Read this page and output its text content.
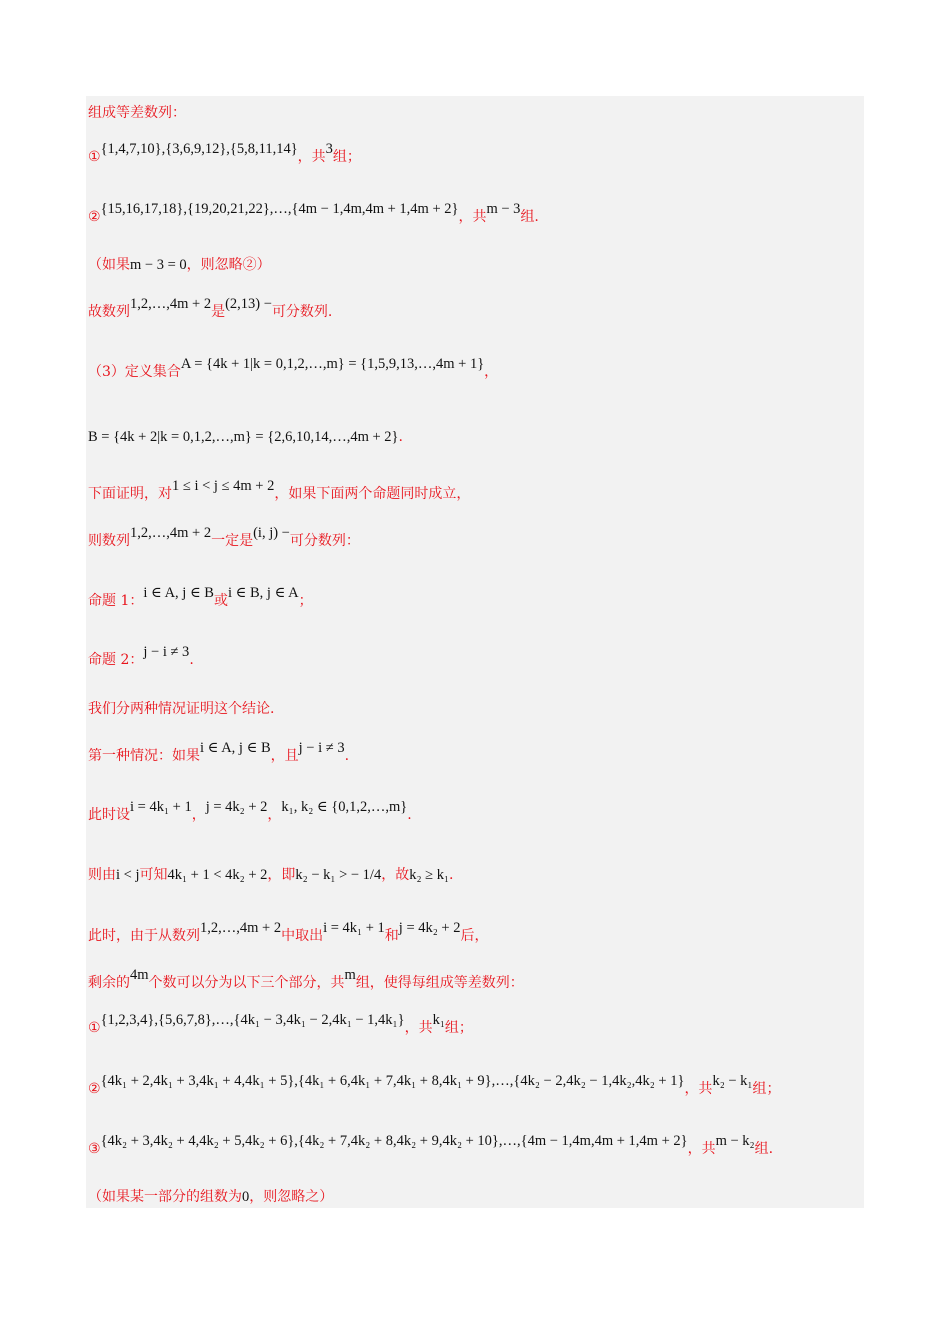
组成等差数列：
①{1,4,7,10},{3,6,9,12},{5,8,11,14}，共3组；
②{15,16,17,18},{19,20,21,22},…,{4m − 1,4m,4m + 1,4m + 2}，共m − 3组.
（如果m − 3 = 0，则忽略②）
故数列1,2,…,4m + 2是(2,13) −可分数列.
（3）定义集合A = {4k + 1|k = 0,1,2,…,m} = {1,5,9,13,…,4m + 1}，
B = {4k + 2|k = 0,1,2,…,m} = {2,6,10,14,…,4m + 2}.
下面证明，对1 ≤ i < j ≤ 4m + 2，如果下面两个命题同时成立，
则数列1,2,…,4m + 2一定是(i, j) −可分数列：
命题 1：i ∈ A, j ∈ B或i ∈ B, j ∈ A；
命题 2：j − i ≠ 3.
我们分两种情况证明这个结论.
第一种情况：如果i ∈ A, j ∈ B，且j − i ≠ 3.
此时设i = 4k₁ + 1，j = 4k₂ + 2，k₁, k₂ ∈ {0,1,2,…,m}.
则由i < j可知4k₁ + 1 < 4k₂ + 2，即k₂ − k₁ > − 1/4，故k₂ ≥ k₁.
此时，由于从数列1,2,…,4m + 2中取出i = 4k₁ + 1和j = 4k₂ + 2后，
剩余的4m个数可以分为以下三个部分，共m组，使得每组成等差数列：
①{1,2,3,4},{5,6,7,8},…,{4k₁ − 3,4k₁ − 2,4k₁ − 1,4k₁}，共k₁组；
②{4k₁ + 2,4k₁ + 3,4k₁ + 4,4k₁ + 5},{4k₁ + 6,4k₁ + 7,4k₁ + 8,4k₁ + 9},…,{4k₂ − 2,4k₂ − 1,4k₂,4k₂ + 1}，共k₂ − k₁组；
③{4k₂ + 3,4k₂ + 4,4k₂ + 5,4k₂ + 6},{4k₂ + 7,4k₂ + 8,4k₂ + 9,4k₂ + 10},…,{4m − 1,4m,4m + 1,4m + 2}，共m − k₂组.
（如果某一部分的组数为0，则忽略之）
